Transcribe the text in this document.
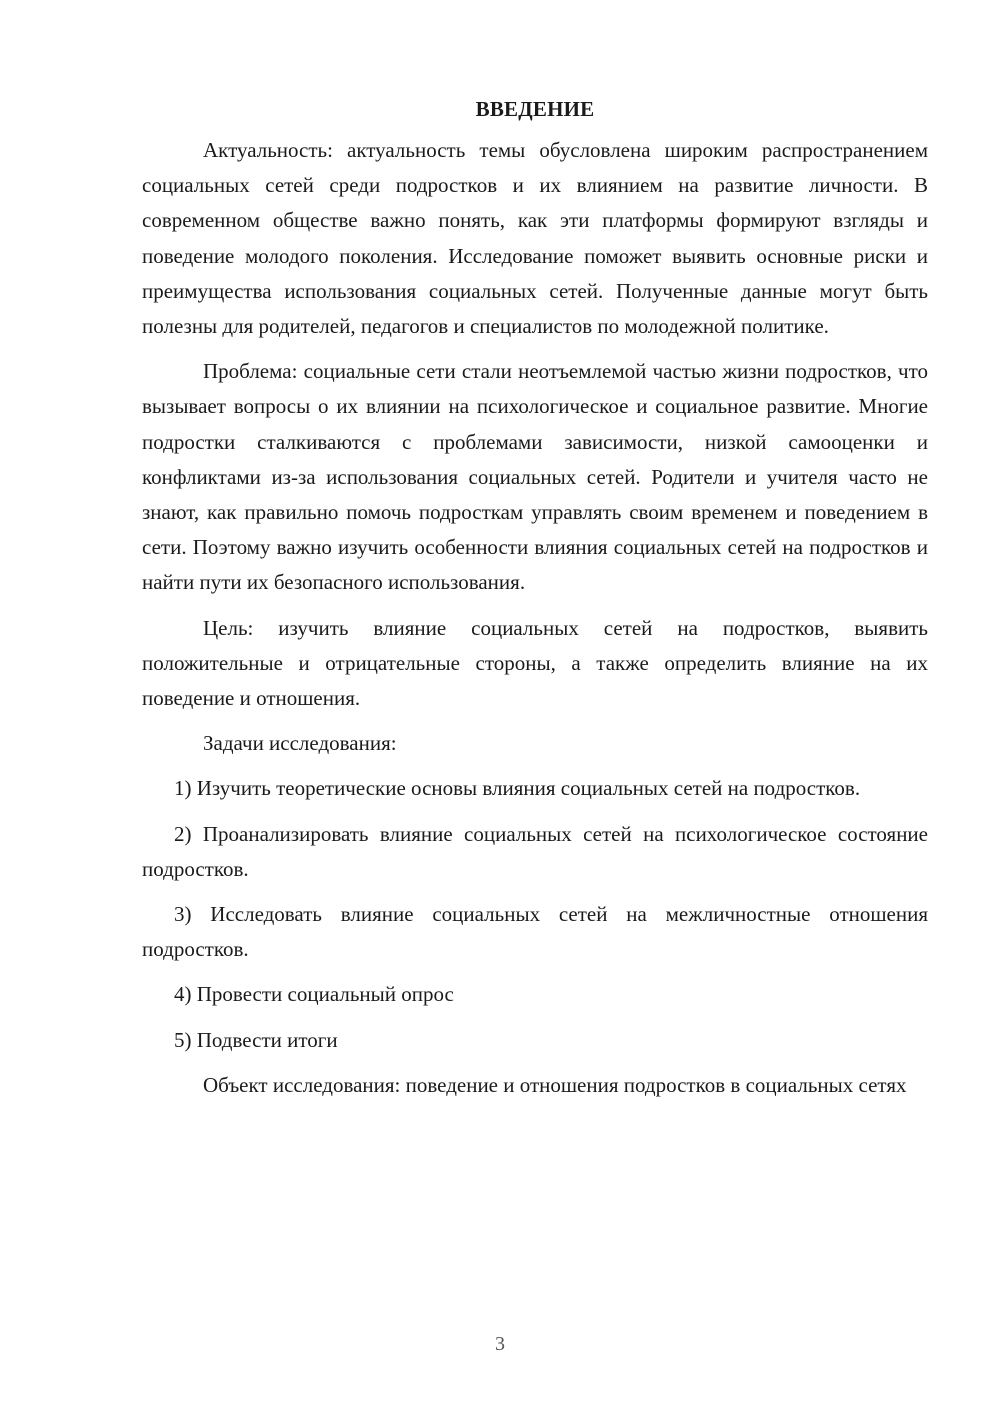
ВВЕДЕНИЕ

Актуальность: актуальность темы обусловлена широким распространением социальных сетей среди подростков и их влиянием на развитие личности. В современном обществе важно понять, как эти платформы формируют взгляды и поведение молодого поколения. Исследование поможет выявить основные риски и преимущества использования социальных сетей. Полученные данные могут быть полезны для родителей, педагогов и специалистов по молодежной политике.

Проблема: социальные сети стали неотъемлемой частью жизни подростков, что вызывает вопросы о их влиянии на психологическое и социальное развитие. Многие подростки сталкиваются с проблемами зависимости, низкой самооценки и конфликтами из-за использования социальных сетей. Родители и учителя часто не знают, как правильно помочь подросткам управлять своим временем и поведением в сети. Поэтому важно изучить особенности влияния социальных сетей на подростков и найти пути их безопасного использования.

Цель: изучить влияние социальных сетей на подростков, выявить положительные и отрицательные стороны, а также определить влияние на их поведение и отношения.

Задачи исследования:

1) Изучить теоретические основы влияния социальных сетей на подростков.

2) Проанализировать влияние социальных сетей на психологическое состояние подростков.

3) Исследовать влияние социальных сетей на межличностные отношения подростков.

4) Провести социальный опрос

5) Подвести итоги

Объект исследования: поведение и отношения подростков в социальных сетях

3
